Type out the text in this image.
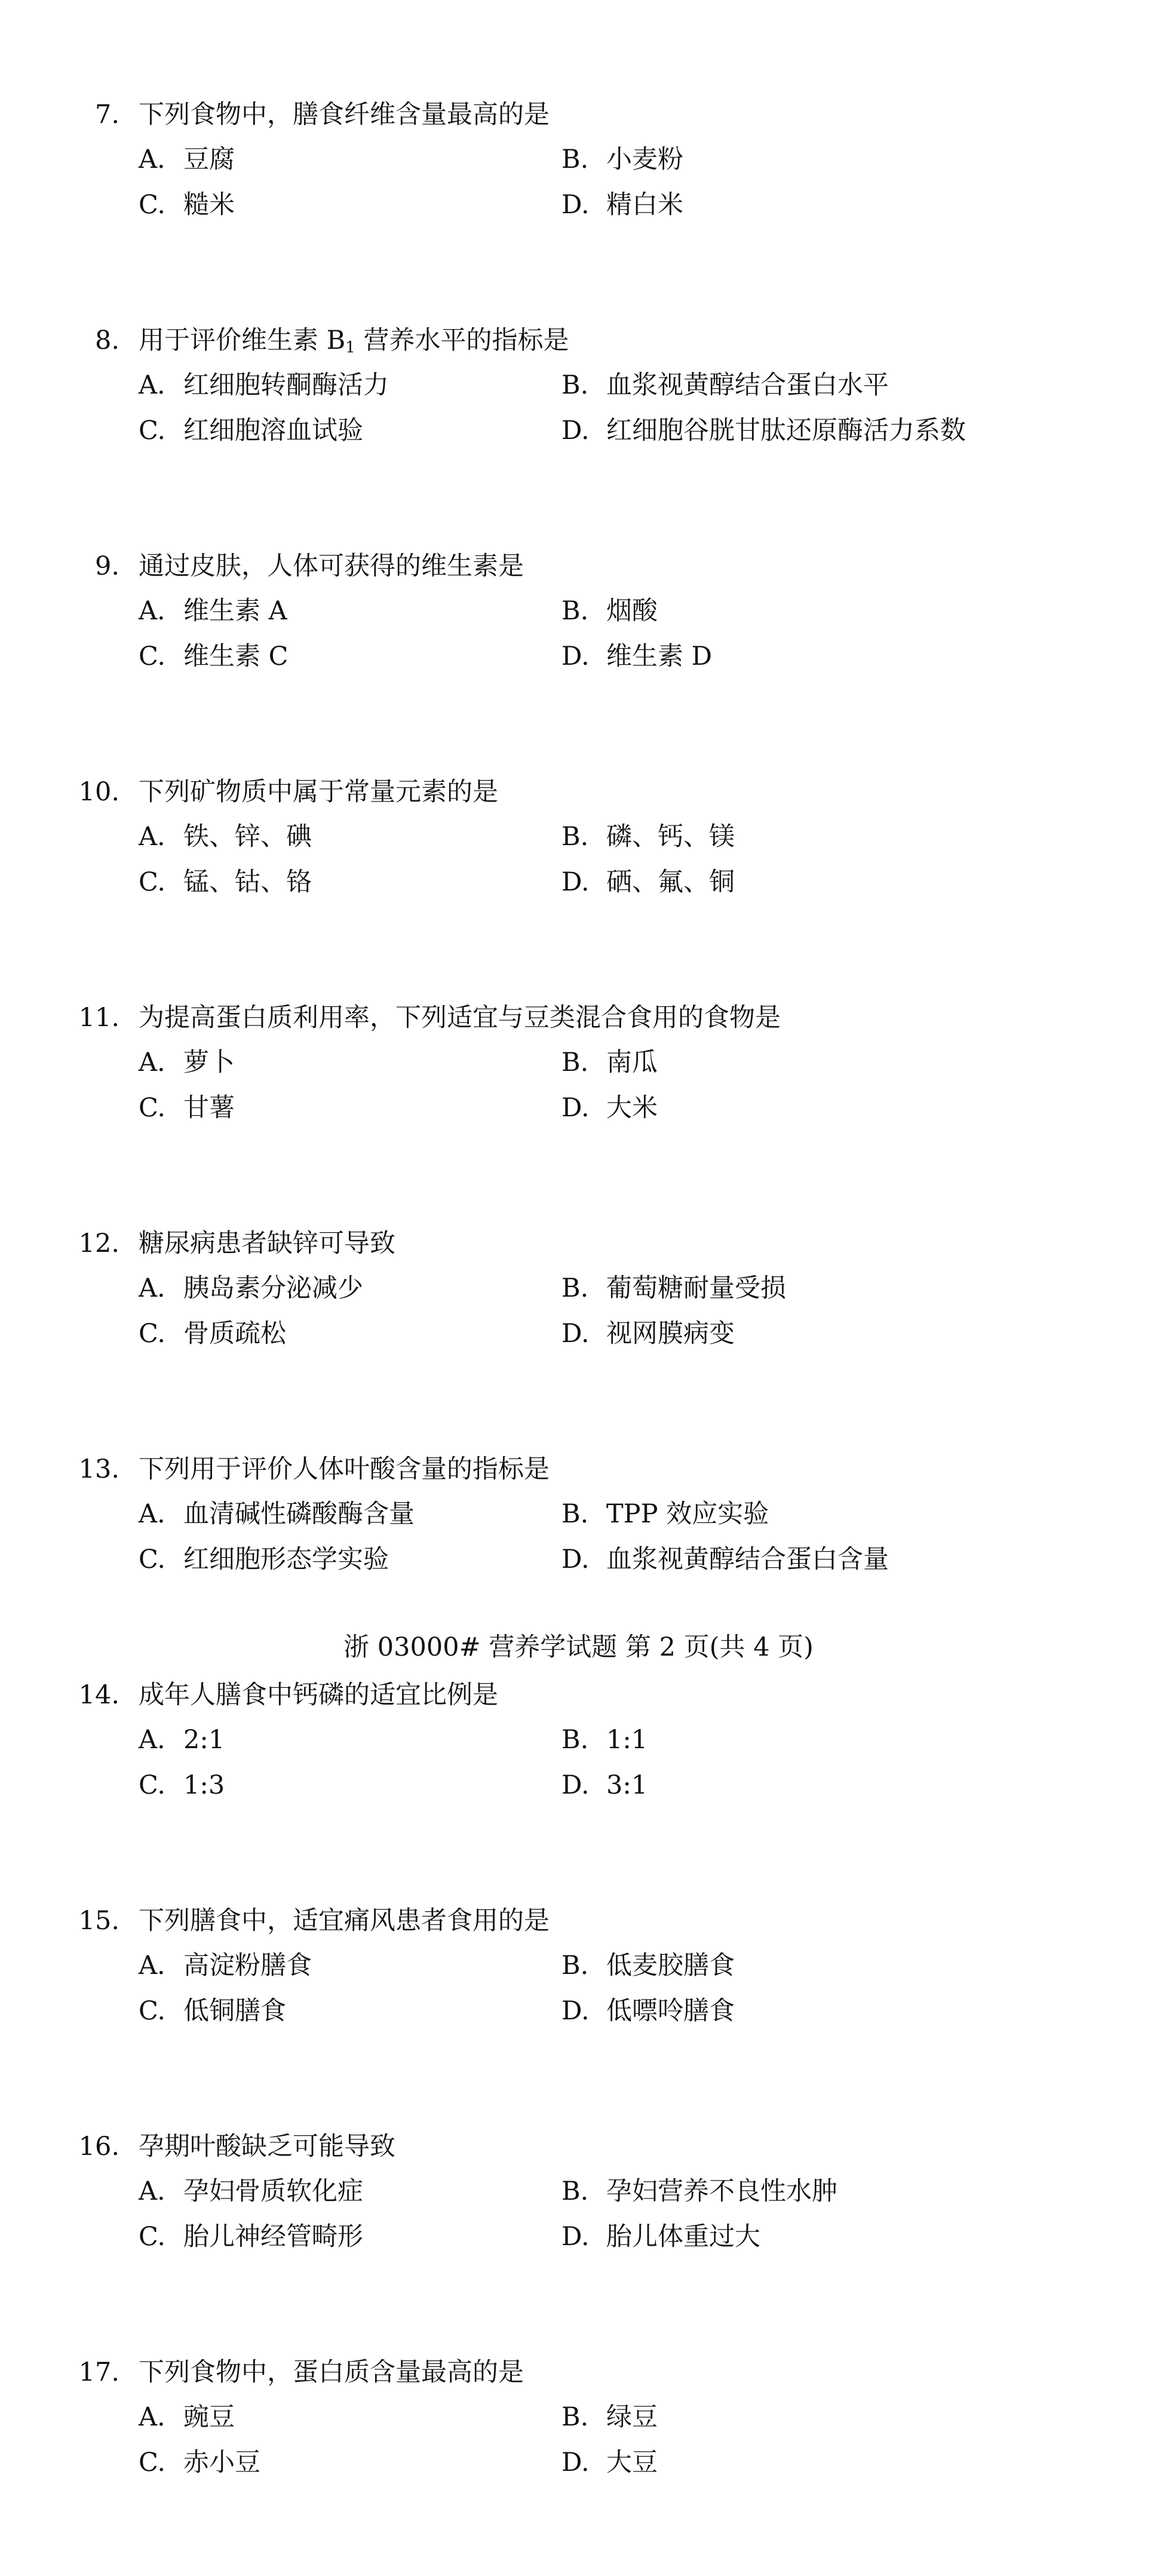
7. 下列食物中，膳食纤维含量最高的是
A. 豆腐	B. 小麦粉
C. 糙米	D. 精白米
8. 用于评价维生素 $B_1$ 营养水平的指标是
A. 红细胞转酮酶活力	B. 血浆视黄醇结合蛋白水平
C. 红细胞溶血试验	D. 红细胞谷胱甘肽还原酶活力系数
9. 通过皮肤，人体可获得的维生素是
A. 维生素 A	B. 烟酸
C. 维生素 C	D. 维生素 D
10. 下列矿物质中属于常量元素的是
A. 铁、锌、碘	B. 磷、钙、镁
C. 锰、钴、铬	D. 硒、氟、铜
11. 为提高蛋白质利用率，下列适宜与豆类混合食用的食物是
A. 萝卜	B. 南瓜
C. 甘薯	D. 大米
12. 糖尿病患者缺锌可导致
A. 胰岛素分泌减少	B. 葡萄糖耐量受损
C. 骨质疏松	D. 视网膜病变
13. 下列用于评价人体叶酸含量的指标是
A. 血清碱性磷酸酶含量	B. TPP 效应实验
C. 红细胞形态学实验	D. 血浆视黄醇结合蛋白含量
14. 成年人膳食中钙磷的适宜比例是
A. 2:1	B. 1:1
C. 1:3	D. 3:1
15. 下列膳食中，适宜痛风患者食用的是
A. 高淀粉膳食	B. 低麦胶膳食
C. 低铜膳食	D. 低嘌呤膳食
16. 孕期叶酸缺乏可能导致
A. 孕妇骨质软化症	B. 孕妇营养不良性水肿
C. 胎儿神经管畸形	D. 胎儿体重过大
17. 下列食物中，蛋白质含量最高的是
A. 豌豆	B. 绿豆
C. 赤小豆	D. 大豆
浙 03000# 营养学试题 第 2 页(共 4 页)
